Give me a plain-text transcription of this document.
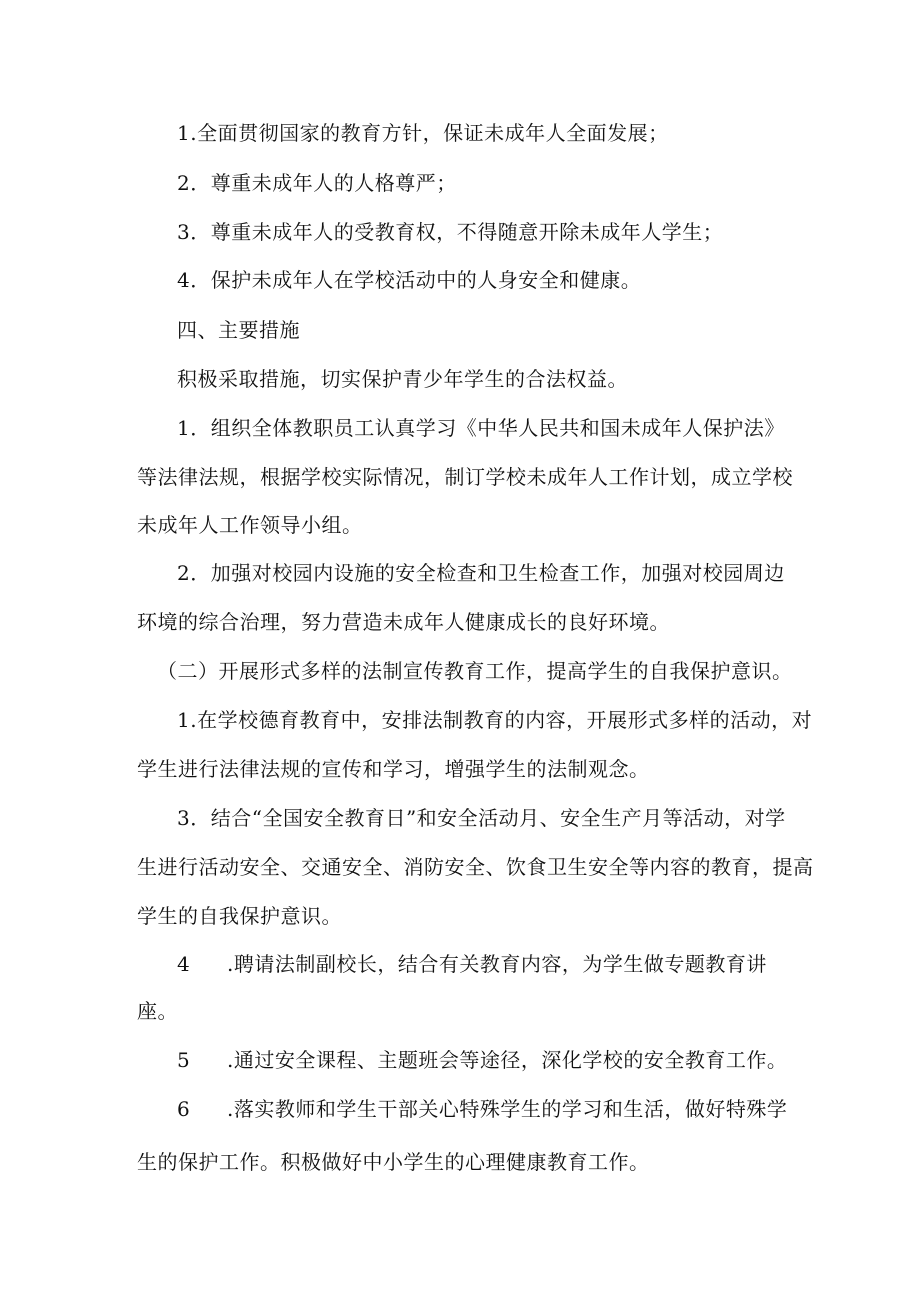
1.全面贯彻国家的教育方针，保证未成年人全面发展；
2．尊重未成年人的人格尊严；
3．尊重未成年人的受教育权，不得随意开除未成年人学生；
4．保护未成年人在学校活动中的人身安全和健康。
四、主要措施
积极采取措施，切实保护青少年学生的合法权益。
1．组织全体教职员工认真学习《中华人民共和国未成年人保护法》
等法律法规，根据学校实际情况，制订学校未成年人工作计划，成立学校
未成年人工作领导小组。
2．加强对校园内设施的安全检查和卫生检查工作，加强对校园周边
环境的综合治理，努力营造未成年人健康成长的良好环境。
（二）开展形式多样的法制宣传教育工作，提高学生的自我保护意识。
1.在学校德育教育中，安排法制教育的内容，开展形式多样的活动，对
学生进行法律法规的宣传和学习，增强学生的法制观念。
3．结合“全国安全教育日”和安全活动月、安全生产月等活动，对学
生进行活动安全、交通安全、消防安全、饮食卫生安全等内容的教育，提高
学生的自我保护意识。
4 .聘请法制副校长，结合有关教育内容，为学生做专题教育讲
座。
5 .通过安全课程、主题班会等途径，深化学校的安全教育工作。
6 .落实教师和学生干部关心特殊学生的学习和生活，做好特殊学
生的保护工作。积极做好中小学生的心理健康教育工作。
